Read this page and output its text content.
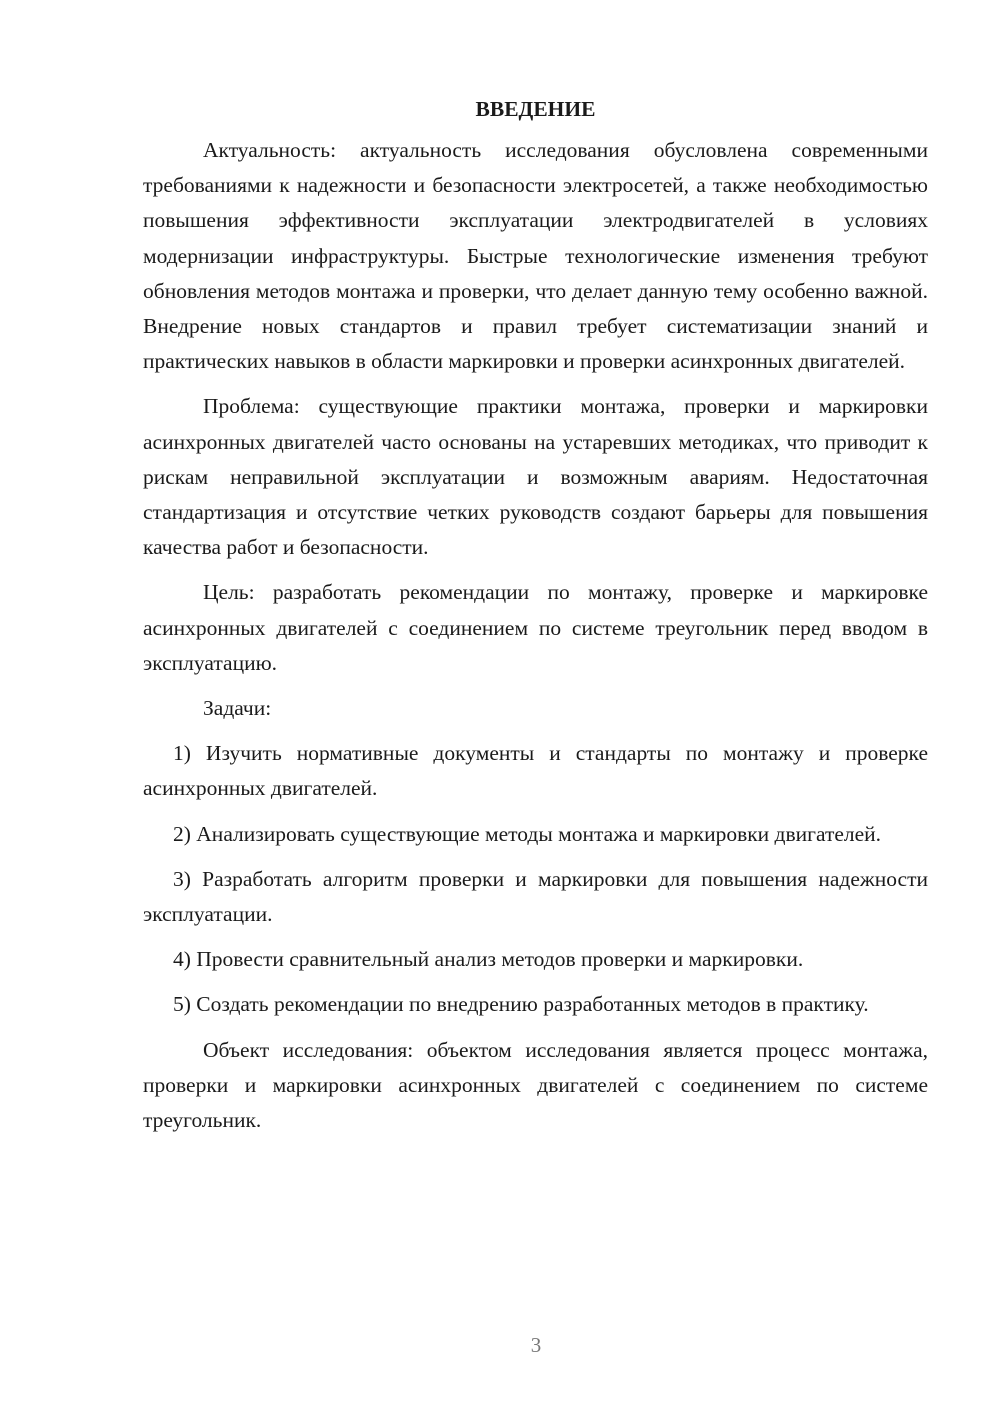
ВВЕДЕНИЕ

Актуальность: актуальность исследования обусловлена современными требованиями к надежности и безопасности электросетей, а также необходимостью повышения эффективности эксплуатации электродвигателей в условиях модернизации инфраструктуры. Быстрые технологические изменения требуют обновления методов монтажа и проверки, что делает данную тему особенно важной. Внедрение новых стандартов и правил требует систематизации знаний и практических навыков в области маркировки и проверки асинхронных двигателей.

Проблема: существующие практики монтажа, проверки и маркировки асинхронных двигателей часто основаны на устаревших методиках, что приводит к рискам неправильной эксплуатации и возможным авариям. Недостаточная стандартизация и отсутствие четких руководств создают барьеры для повышения качества работ и безопасности.

Цель: разработать рекомендации по монтажу, проверке и маркировке асинхронных двигателей с соединением по системе треугольник перед вводом в эксплуатацию.

Задачи:

1) Изучить нормативные документы и стандарты по монтажу и проверке асинхронных двигателей.

2) Анализировать существующие методы монтажа и маркировки двигателей.

3) Разработать алгоритм проверки и маркировки для повышения надежности эксплуатации.

4) Провести сравнительный анализ методов проверки и маркировки.

5) Создать рекомендации по внедрению разработанных методов в практику.

Объект исследования: объектом исследования является процесс монтажа, проверки и маркировки асинхронных двигателей с соединением по системе треугольник.

3
